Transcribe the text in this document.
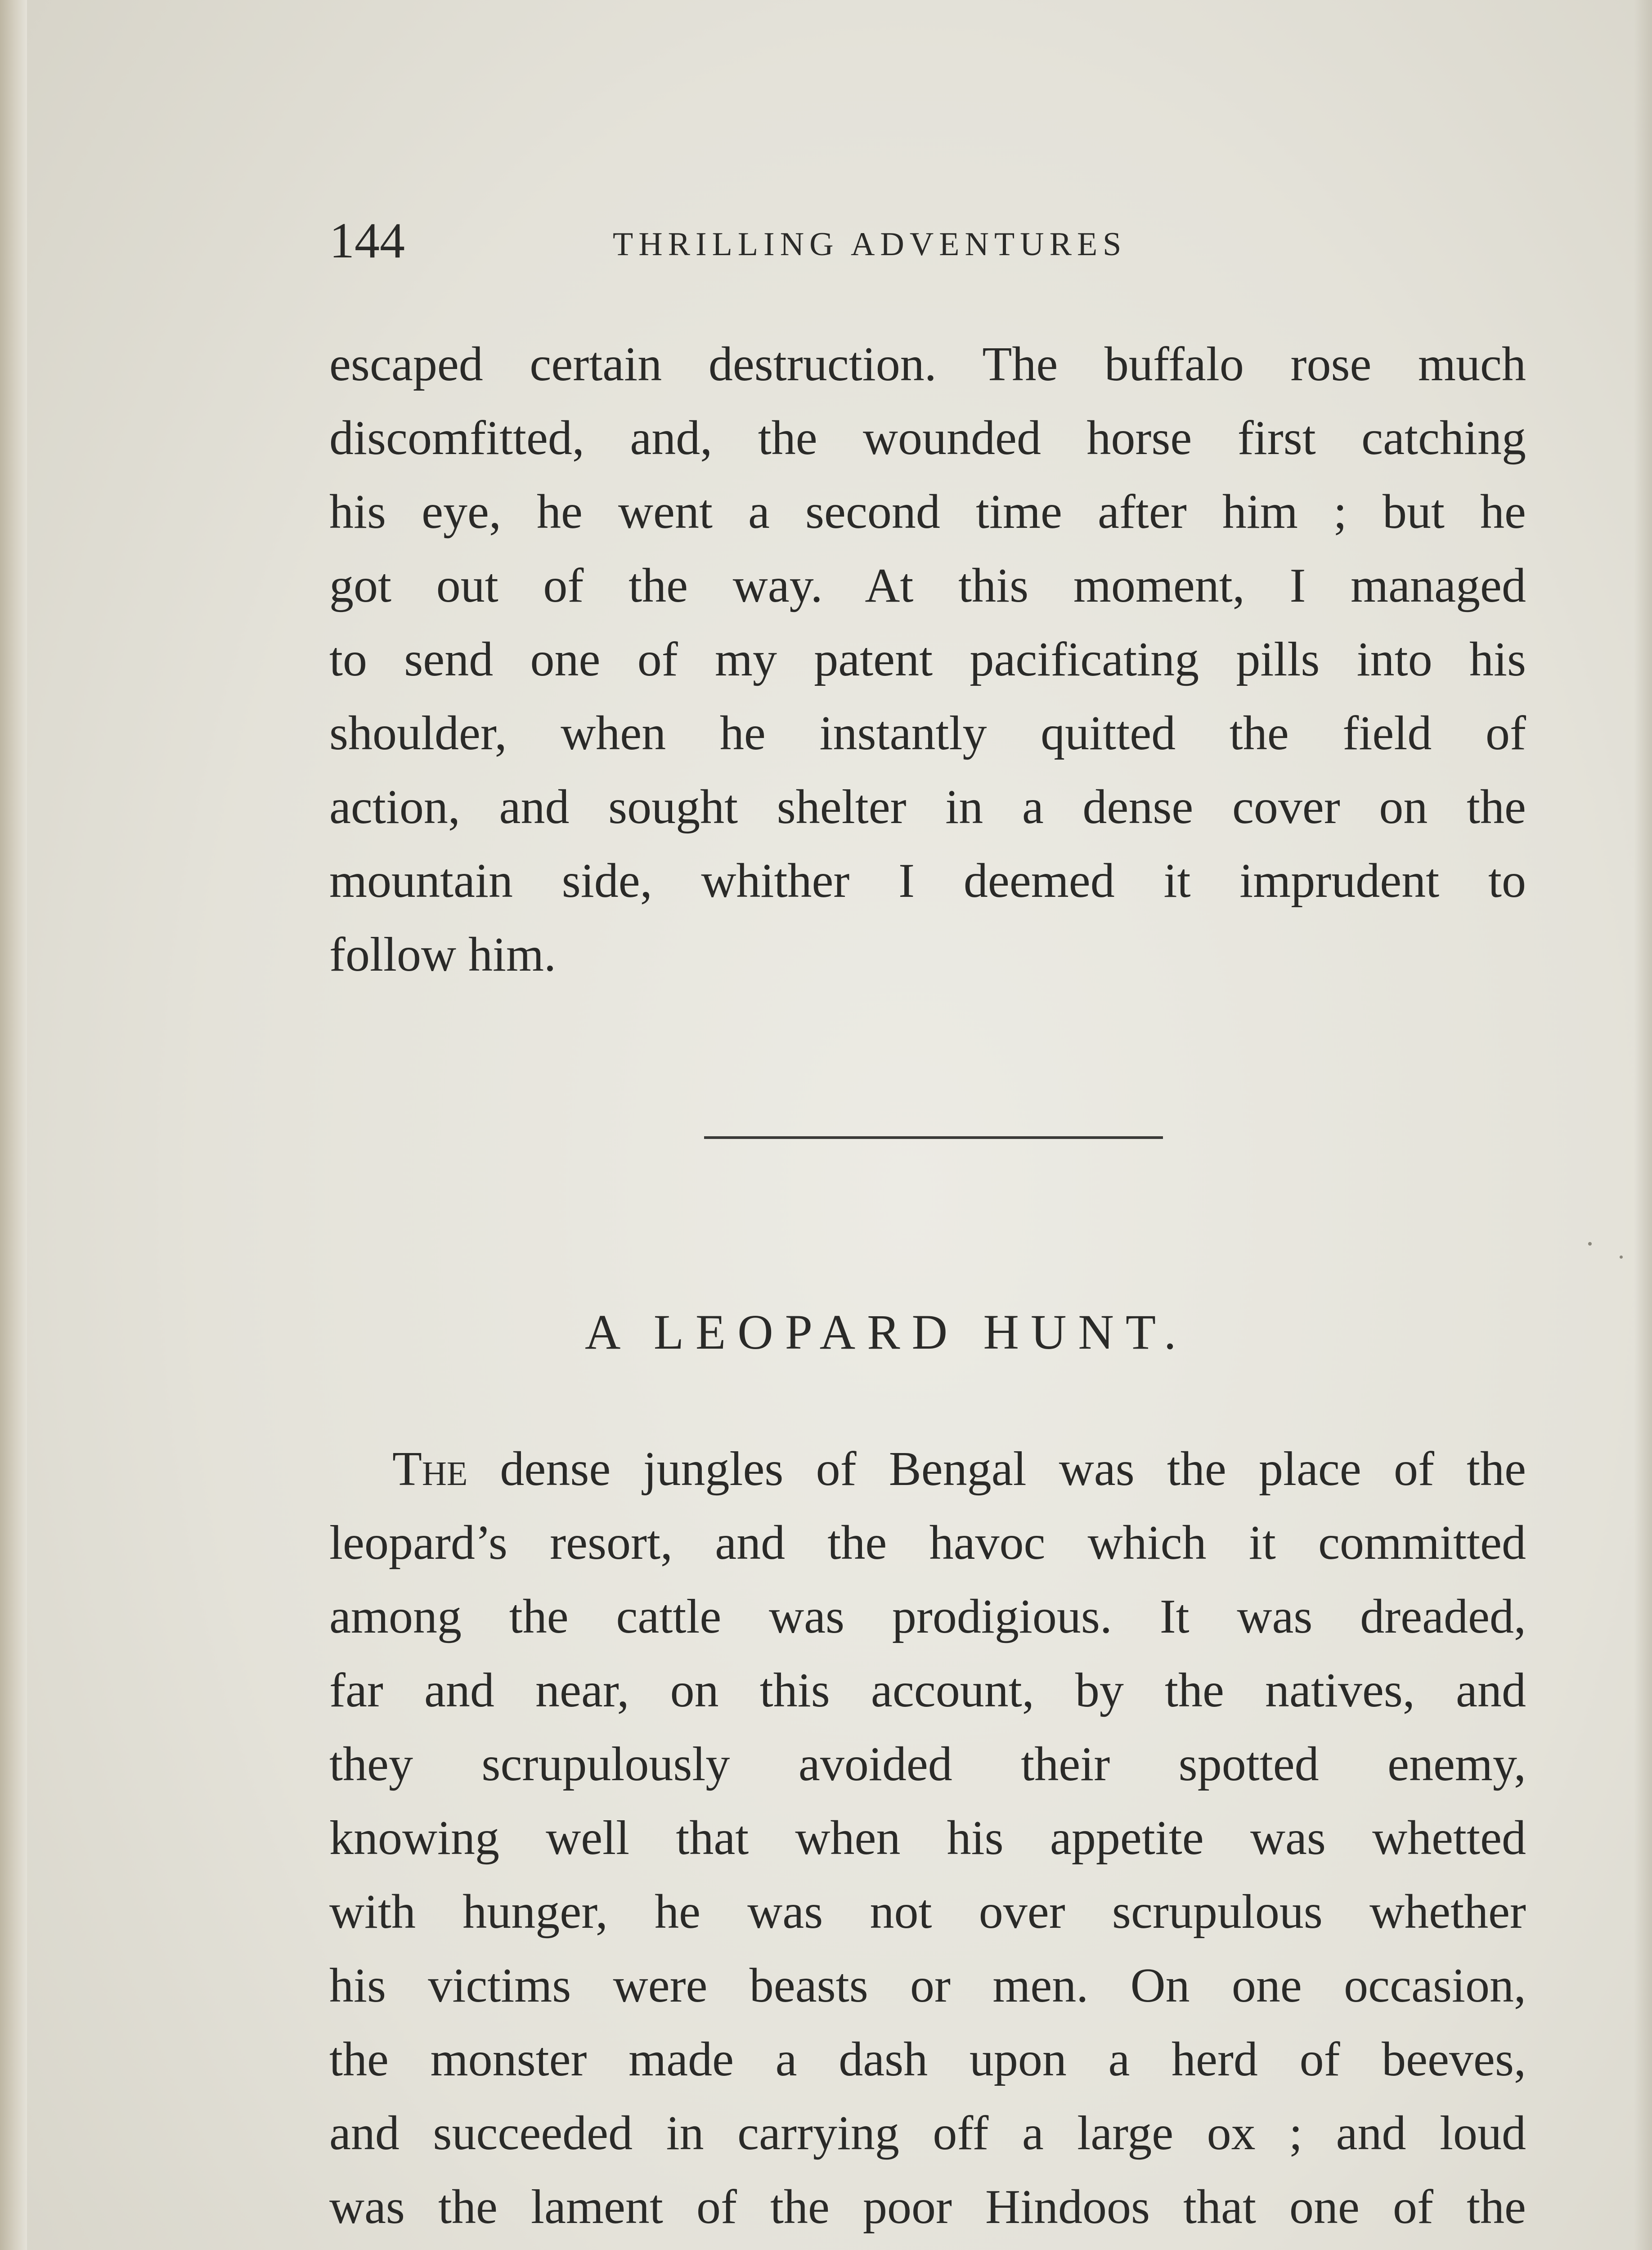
144	THRILLING ADVENTURES
escaped certain destruction. The buffalo rose much
discomfitted, and, the wounded horse first catching
his eye, he went a second time after him ; but he
got out of the way. At this moment, I managed
to send one of my patent pacificating pills into his
shoulder, when he instantly quitted the field of
action, and sought shelter in a dense cover on the
mountain side, whither I deemed it imprudent to
follow him.
A LEOPARD HUNT.
The dense jungles of Bengal was the place of the
leopard’s resort, and the havoc which it committed
among the cattle was prodigious. It was dreaded,
far and near, on this account, by the natives, and
they scrupulously avoided their spotted enemy,
knowing well that when his appetite was whetted
with hunger, he was not over scrupulous whether
his victims were beasts or men. On one occasion,
the monster made a dash upon a herd of beeves,
and succeeded in carrying off a large ox ; and loud
was the lament of the poor Hindoos that one of the
